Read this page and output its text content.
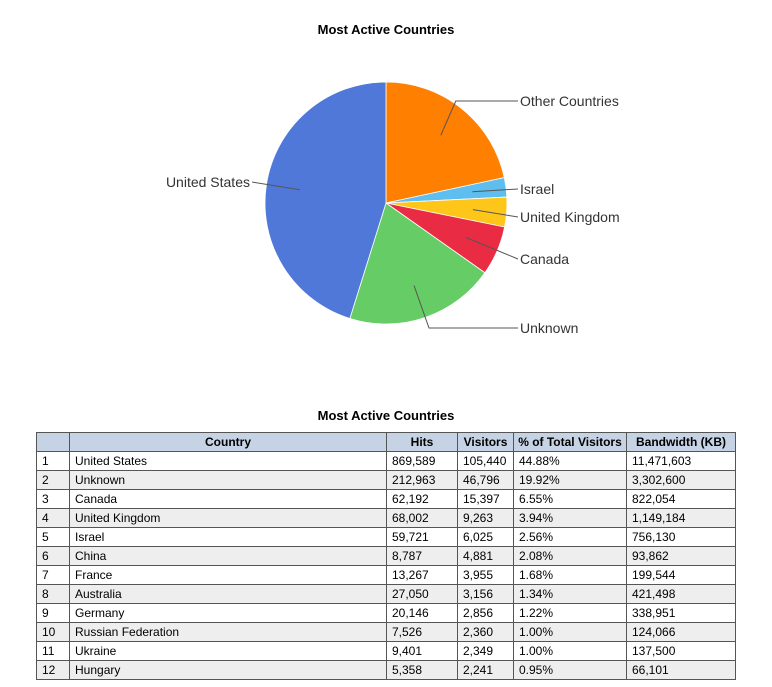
Most Active Countries
Other Countries
Israel
United Kingdom
Canada
Unknown
United States
Most Active Countries
	Country	Hits	Visitors	% of Total Visitors	Bandwidth (KB)
1	United States	869,589	105,440	44.88%	11,471,603
2	Unknown	212,963	46,796	19.92%	3,302,600
3	Canada	62,192	15,397	6.55%	822,054
4	United Kingdom	68,002	9,263	3.94%	1,149,184
5	Israel	59,721	6,025	2.56%	756,130
6	China	8,787	4,881	2.08%	93,862
7	France	13,267	3,955	1.68%	199,544
8	Australia	27,050	3,156	1.34%	421,498
9	Germany	20,146	2,856	1.22%	338,951
10	Russian Federation	7,526	2,360	1.00%	124,066
11	Ukraine	9,401	2,349	1.00%	137,500
12	Hungary	5,358	2,241	0.95%	66,101
